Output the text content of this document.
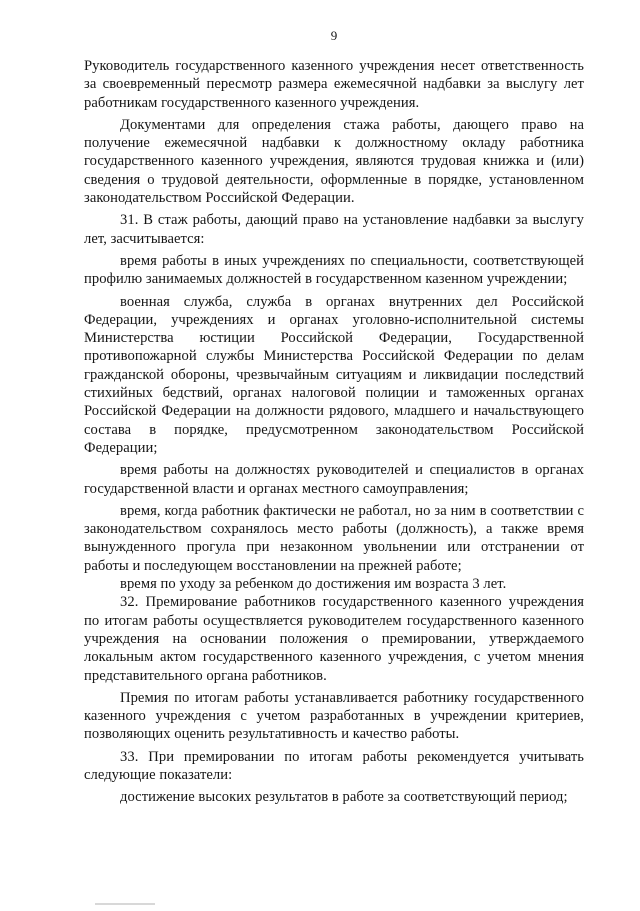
9

Руководитель государственного казенного учреждения несет ответственность за своевременный пересмотр размера ежемесячной надбавки за выслугу лет работникам государственного казенного учреждения.

Документами для определения стажа работы, дающего право на получение ежемесячной надбавки к должностному окладу работника государственного казенного учреждения, являются трудовая книжка и (или) сведения о трудовой деятельности, оформленные в порядке, установленном законодательством Российской Федерации.

31. В стаж работы, дающий право на установление надбавки за выслугу лет, засчитывается:

время работы в иных учреждениях по специальности, соответствующей профилю занимаемых должностей в государственном казенном учреждении;

военная служба, служба в органах внутренних дел Российской Федерации, учреждениях и органах уголовно-исполнительной системы Министерства юстиции Российской Федерации, Государственной противопожарной службы Министерства Российской Федерации по делам гражданской обороны, чрезвычайным ситуациям и ликвидации последствий стихийных бедствий, органах налоговой полиции и таможенных органах Российской Федерации на должности рядового, младшего и начальствующего состава в порядке, предусмотренном законодательством Российской Федерации;

время работы на должностях руководителей и специалистов в органах государственной власти и органах местного самоуправления;

время, когда работник фактически не работал, но за ним в соответствии с законодательством сохранялось место работы (должность), а также время вынужденного прогула при незаконном увольнении или отстранении от работы и последующем восстановлении на прежней работе;

время по уходу за ребенком до достижения им возраста 3 лет.

32. Премирование работников государственного казенного учреждения по итогам работы осуществляется руководителем государственного казенного учреждения на основании положения о премировании, утверждаемого локальным актом государственного казенного учреждения, с учетом мнения представительного органа работников.

Премия по итогам работы устанавливается работнику государственного казенного учреждения с учетом разработанных в учреждении критериев, позволяющих оценить результативность и качество работы.

33. При премировании по итогам работы рекомендуется учитывать следующие показатели:

достижение высоких результатов в работе за соответствующий период;
